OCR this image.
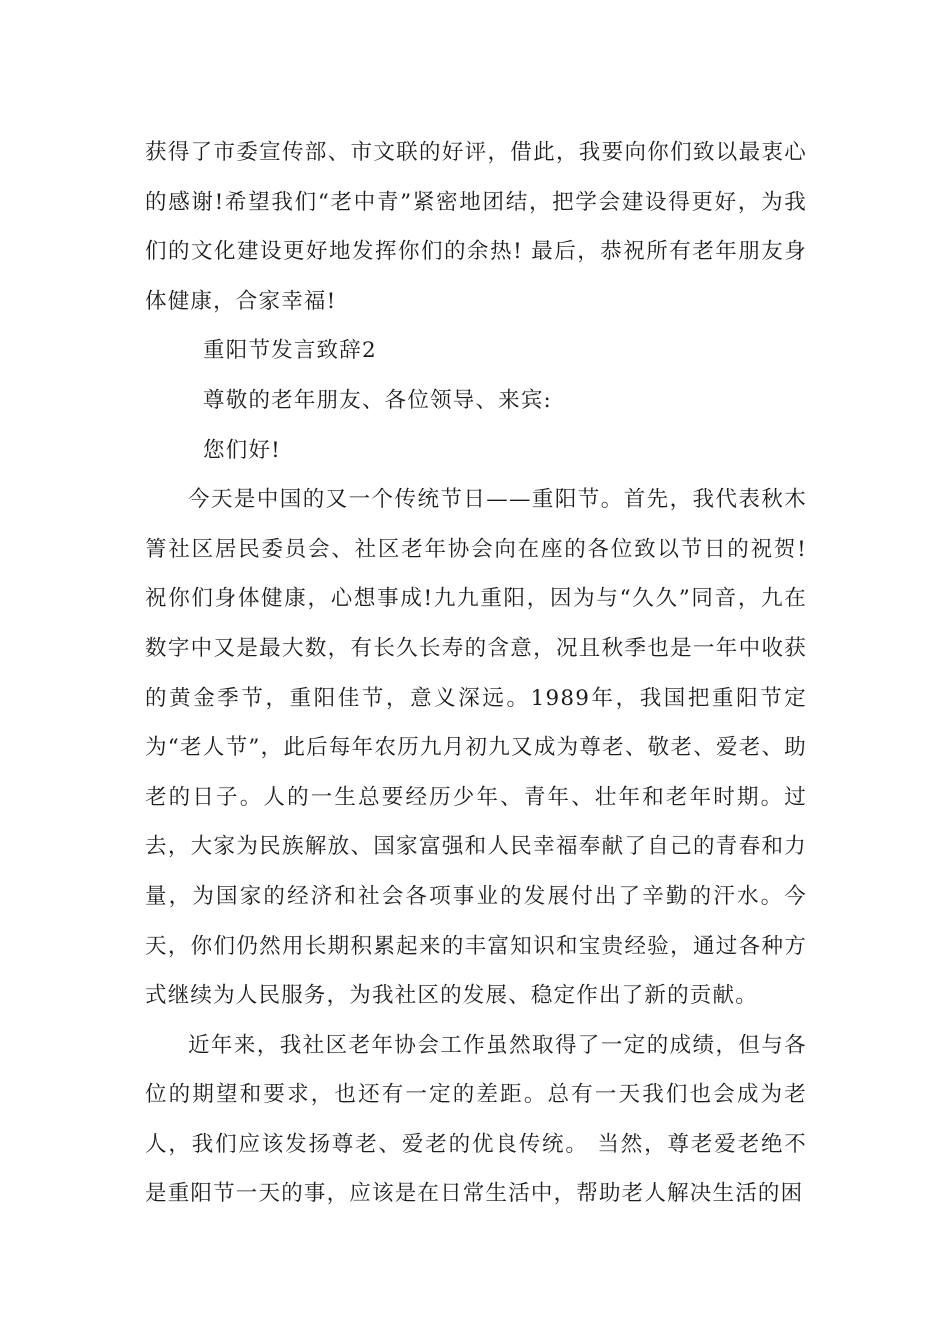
获得了市委宣传部、市文联的好评，借此，我要向你们致以最衷心的感谢!希望我们“老中青”紧密地团结，把学会建设得更好，为我们的文化建设更好地发挥你们的余热! 最后，恭祝所有老年朋友身体健康，合家幸福!

重阳节发言致辞2

尊敬的老年朋友、各位领导、来宾:

您们好!

今天是中国的又一个传统节日——重阳节。首先，我代表秋木箐社区居民委员会、社区老年协会向在座的各位致以节日的祝贺!祝你们身体健康，心想事成!九九重阳，因为与“久久”同音，九在数字中又是最大数，有长久长寿的含意，况且秋季也是一年中收获的黄金季节，重阳佳节，意义深远。1989年，我国把重阳节定为“老人节”，此后每年农历九月初九又成为尊老、敬老、爱老、助老的日子。人的一生总要经历少年、青年、壮年和老年时期。过去，大家为民族解放、国家富强和人民幸福奉献了自己的青春和力量，为国家的经济和社会各项事业的发展付出了辛勤的汗水。今天，你们仍然用长期积累起来的丰富知识和宝贵经验，通过各种方式继续为人民服务，为我社区的发展、稳定作出了新的贡献。

近年来，我社区老年协会工作虽然取得了一定的成绩，但与各位的期望和要求，也还有一定的差距。总有一天我们也会成为老人，我们应该发扬尊老、爱老的优良传统。 当然，尊老爱老绝不是重阳节一天的事，应该是在日常生活中，帮助老人解决生活的困
